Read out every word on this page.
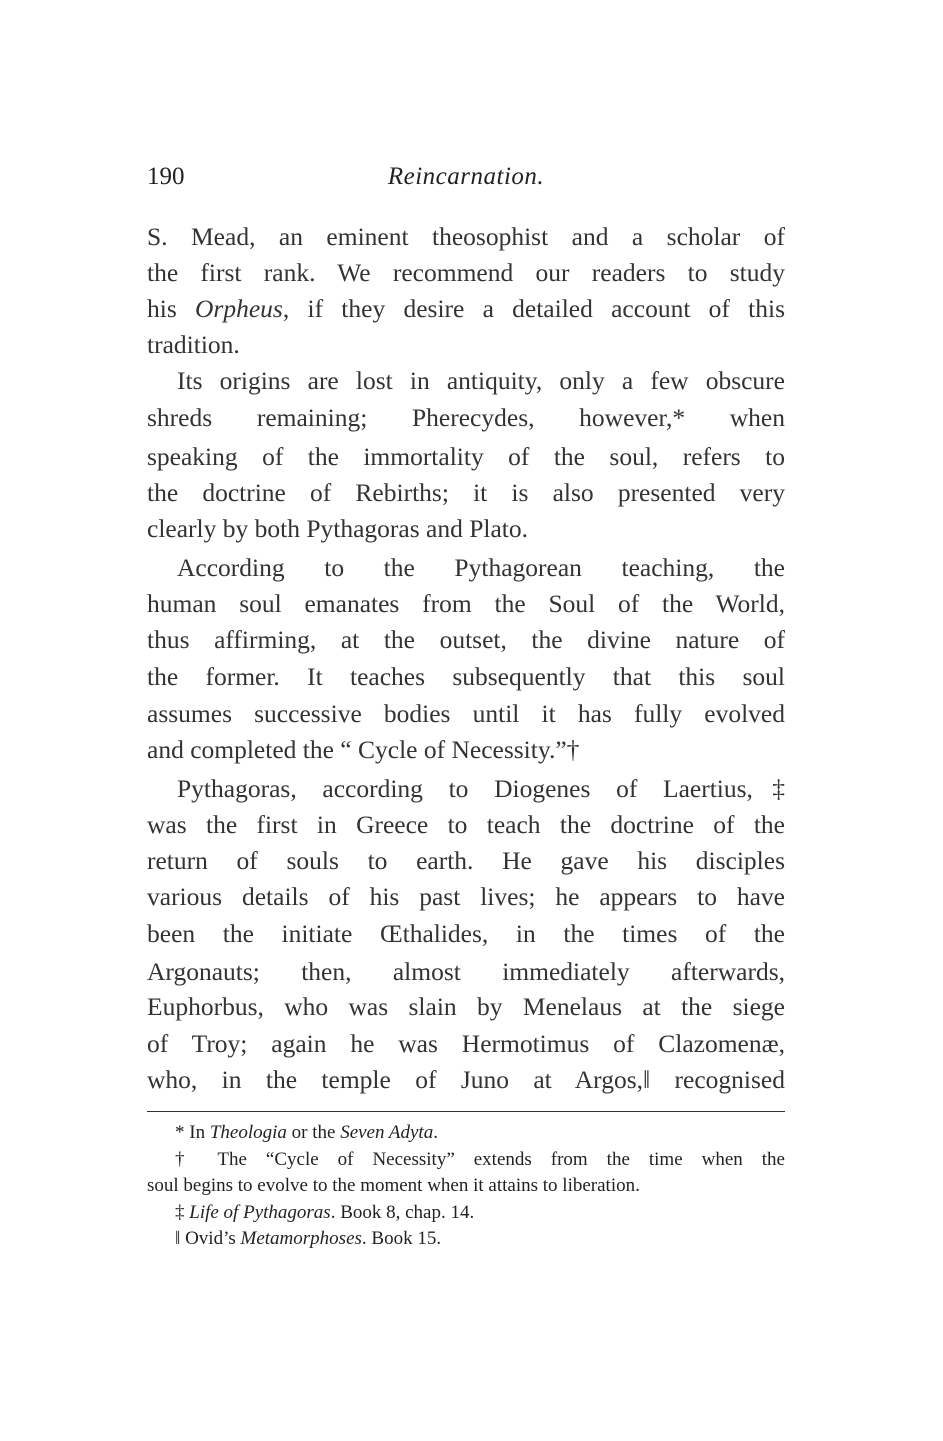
190	Reincarnation.
S. Mead, an eminent theosophist and a scholar of
the first rank. We recommend our readers to study
his Orpheus, if they desire a detailed account of this
tradition.
Its origins are lost in antiquity, only a few obscure
shreds remaining; Pherecydes, however,* when
speaking of the immortality of the soul, refers to
the doctrine of Rebirths; it is also presented very
clearly by both Pythagoras and Plato.
According to the Pythagorean teaching, the
human soul emanates from the Soul of the World,
thus affirming, at the outset, the divine nature of
the former. It teaches subsequently that this soul
assumes successive bodies until it has fully evolved
and completed the “ Cycle of Necessity.”†
Pythagoras, according to Diogenes of Laertius,‡
was the first in Greece to teach the doctrine of the
return of souls to earth. He gave his disciples
various details of his past lives; he appears to have
been the initiate Œthalides, in the times of the
Argonauts; then, almost immediately afterwards,
Euphorbus, who was slain by Menelaus at the siege
of Troy; again he was Hermotimus of Clazomenæ,
who, in the temple of Juno at Argos,‖ recognised
* In Theologia or the Seven Adyta.
† The “Cycle of Necessity” extends from the time when the
soul begins to evolve to the moment when it attains to liberation.
‡ Life of Pythagoras. Book 8, chap. 14.
‖ Ovid’s Metamorphoses. Book 15.
